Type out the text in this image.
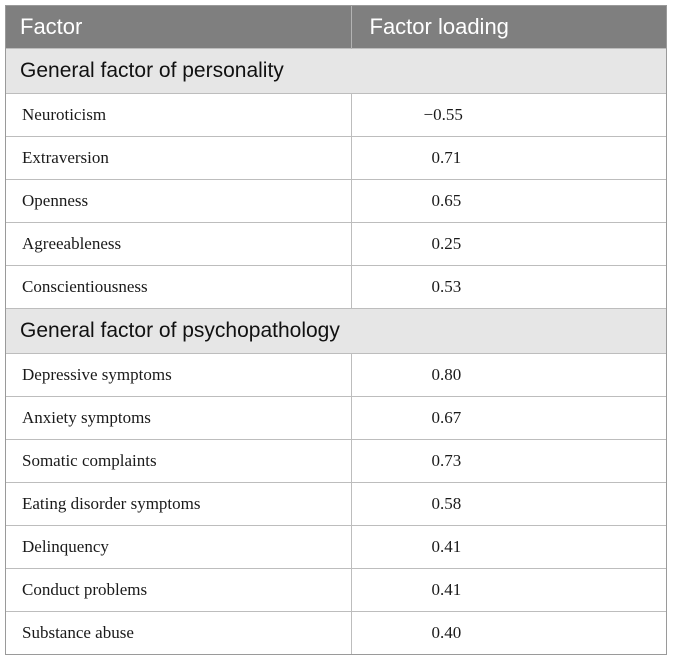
Factor	Factor loading
General factor of personality	
Neuroticism	−0.55
Extraversion	0.71
Openness	0.65
Agreeableness	0.25
Conscientiousness	0.53
General factor of psychopathology	
Depressive symptoms	0.80
Anxiety symptoms	0.67
Somatic complaints	0.73
Eating disorder symptoms	0.58
Delinquency	0.41
Conduct problems	0.41
Substance abuse	0.40
